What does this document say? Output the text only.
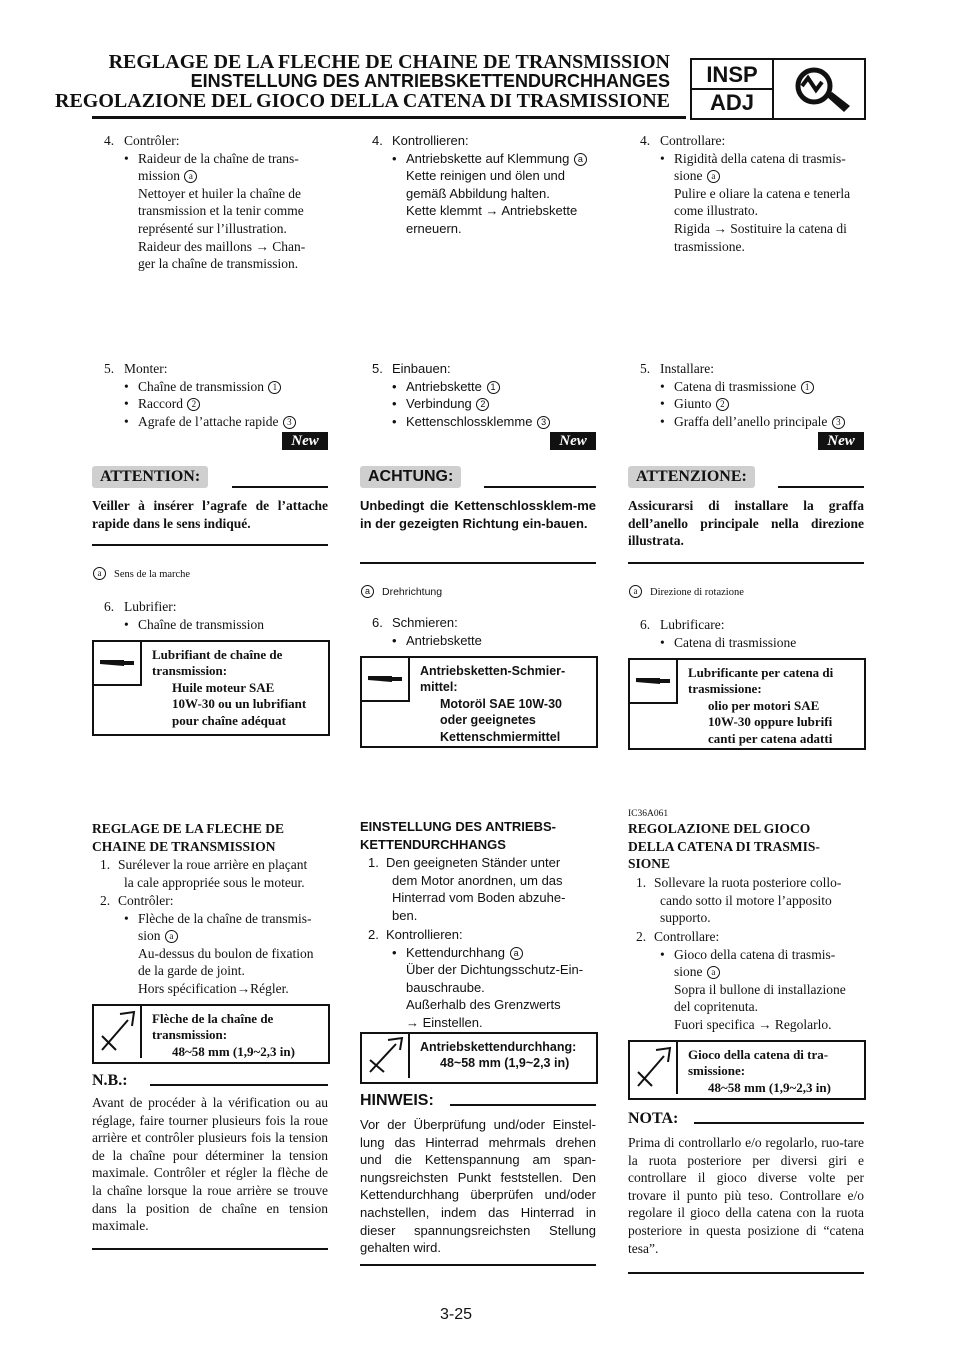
REGLAGE DE LA FLECHE DE CHAINE DE TRANSMISSION
EINSTELLUNG DES ANTRIEBSKETTENDURCHHANGES
REGOLAZIONE DEL GIOCO DELLA CATENA DI TRASMISSIONE
INSP
ADJ
4. Contrôler:
• Raideur de la chaîne de trans-
mission a
Nettoyer et huiler la chaîne de
transmission et la tenir comme
représenté sur l’illustration.
Raideur des maillons → Chan-
ger la chaîne de transmission.
5. Monter:
• Chaîne de transmission 1
• Raccord 2
• Agrafe de l’attache rapide 3
New
ATTENTION:
Veiller à insérer l’agrafe de l’attache rapide dans le sens indiqué.
a Sens de la marche
6. Lubrifier:
• Chaîne de transmission
Lubrifiant de chaîne de
transmission:
Huile moteur SAE
10W-30 ou un lubrifiant
pour chaîne adéquat
REGLAGE DE LA FLECHE DE
CHAINE DE TRANSMISSION
1. Surélever la roue arrière en plaçant
la cale appropriée sous le moteur.
2. Contrôler:
• Flèche de la chaîne de transmis-
sion a
Au-dessus du boulon de fixation
de la garde de joint.
Hors spécification→Régler.
Flèche de la chaîne de
transmission:
48~58 mm (1,9~2,3 in)
N.B.:
Avant de procéder à la vérification ou au réglage, faire tourner plusieurs fois la roue arrière et contrôler plusieurs fois la tension de la chaîne pour déterminer la tension maximale. Contrôler et régler la flèche de la chaîne lorsque la roue arrière se trouve dans la position de chaîne en tension maximale.
4. Kontrollieren:
• Antriebskette auf Klemmung a
Kette reinigen und ölen und
gemäß Abbildung halten.
Kette klemmt → Antriebskette
erneuern.
5. Einbauen:
• Antriebskette 1
• Verbindung 2
• Kettenschlossklemme 3
New
ACHTUNG:
Unbedingt die Kettenschlossklem-me in der gezeigten Richtung ein-bauen.
a Drehrichtung
6. Schmieren:
• Antriebskette
Antriebsketten-Schmier-
mittel:
Motoröl SAE 10W-30
oder geeignetes
Kettenschmiermittel
EINSTELLUNG DES ANTRIEBS-
KETTENDURCHHANGS
1. Den geeigneten Ständer unter
dem Motor anordnen, um das
Hinterrad vom Boden abzuhe-
ben.
2. Kontrollieren:
• Kettendurchhang a
Über der Dichtungsschutz-Ein-
bauschraube.
Außerhalb des Grenzwerts
→ Einstellen.
Antriebskettendurchhang:
48~58 mm (1,9~2,3 in)
HINWEIS:
Vor der Überprüfung und/oder Einstel-lung das Hinterrad mehrmals drehen und die Kettenspannung am span-nungsreichsten Punkt feststellen. Den Kettendurchhang überprüfen und/oder nachstellen, indem das Hinterrad in dieser spannungsreichsten Stellung gehalten wird.
4. Controllare:
• Rigidità della catena di trasmis-
sione a
Pulire e oliare la catena e tenerla
come illustrato.
Rigida → Sostituire la catena di
trasmissione.
5. Installare:
• Catena di trasmissione 1
• Giunto 2
• Graffa dell’anello principale 3
New
ATTENZIONE:
Assicurarsi di installare la graffa dell’anello principale nella direzione illustrata.
a Direzione di rotazione
6. Lubrificare:
• Catena di trasmissione
Lubrificante per catena di
trasmissione:
olio per motori SAE
10W-30 oppure lubrifi
canti per catena adatti
IC36A061
REGOLAZIONE DEL GIOCO
DELLA CATENA DI TRASMIS-
SIONE
1. Sollevare la ruota posteriore collo-
cando sotto il motore l’apposito
supporto.
2. Controllare:
• Gioco della catena di trasmis-
sione a
Sopra il bullone di installazione
del copritenuta.
Fuori specifica → Regolarlo.
Gioco della catena di tra-
smissione:
48~58 mm (1,9~2,3 in)
NOTA:
Prima di controllarlo e/o regolarlo, ruo-tare la ruota posteriore per diversi giri e controllare il gioco diverse volte per trovare il punto più teso. Controllare e/o regolare il gioco della catena con la ruota posteriore in questa posizione di “catena tesa”.
3-25
